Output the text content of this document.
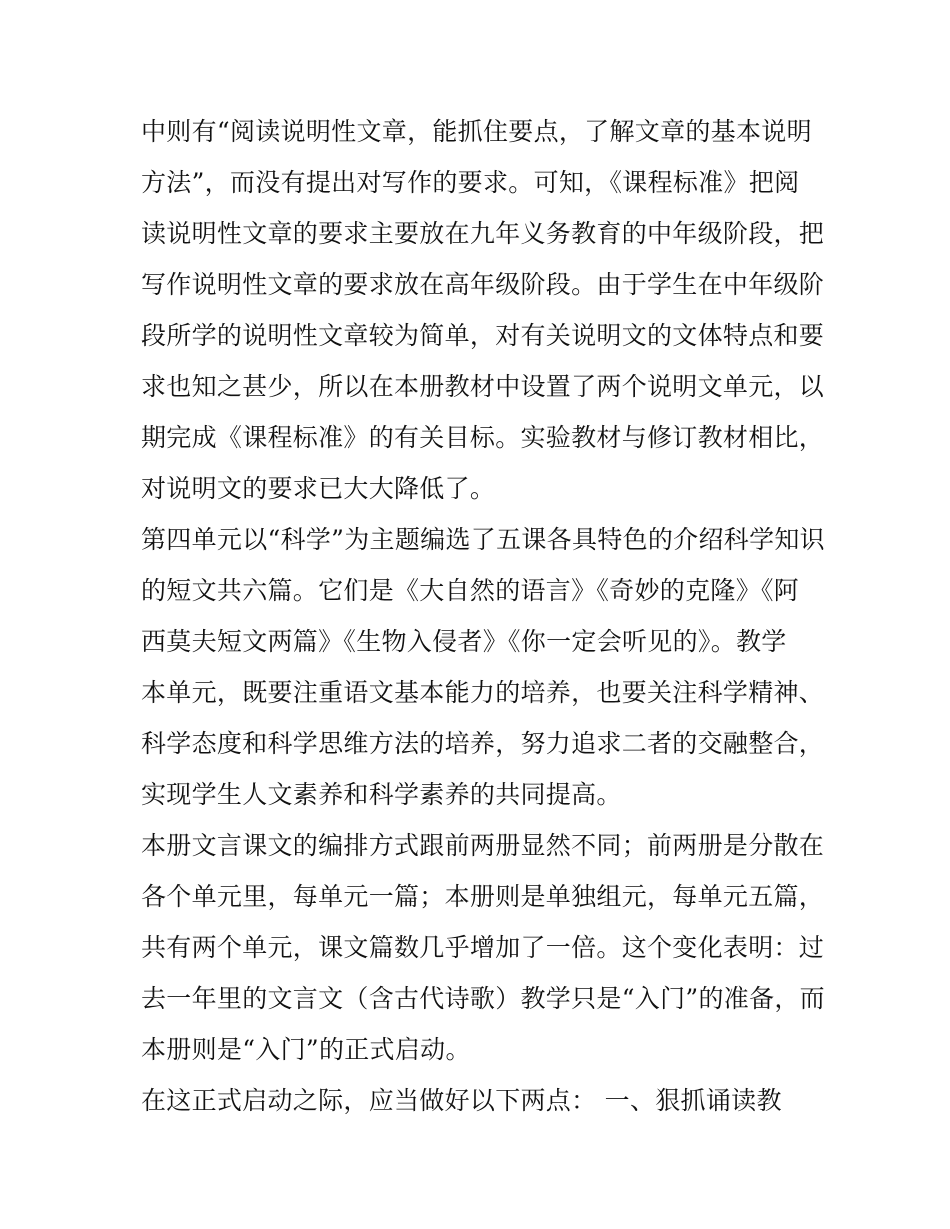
中则有“阅读说明性文章，能抓住要点，了解文章的基本说明
方法”，而没有提出对写作的要求。可知，《课程标准》把阅
读说明性文章的要求主要放在九年义务教育的中年级阶段，把
写作说明性文章的要求放在高年级阶段。由于学生在中年级阶
段所学的说明性文章较为简单，对有关说明文的文体特点和要
求也知之甚少，所以在本册教材中设置了两个说明文单元，以
期完成《课程标准》的有关目标。实验教材与修订教材相比，
对说明文的要求已大大降低了。
第四单元以“科学”为主题编选了五课各具特色的介绍科学知识
的短文共六篇。它们是《大自然的语言》《奇妙的克隆》《阿
西莫夫短文两篇》《生物入侵者》《你一定会听见的》。教学
本单元，既要注重语文基本能力的培养，也要关注科学精神、
科学态度和科学思维方法的培养，努力追求二者的交融整合，
实现学生人文素养和科学素养的共同提高。
本册文言课文的编排方式跟前两册显然不同；前两册是分散在
各个单元里，每单元一篇；本册则是单独组元，每单元五篇，
共有两个单元，课文篇数几乎增加了一倍。这个变化表明：过
去一年里的文言文（含古代诗歌）教学只是“入门”的准备，而
本册则是“入门”的正式启动。
在这正式启动之际，应当做好以下两点： 一、狠抓诵读教
